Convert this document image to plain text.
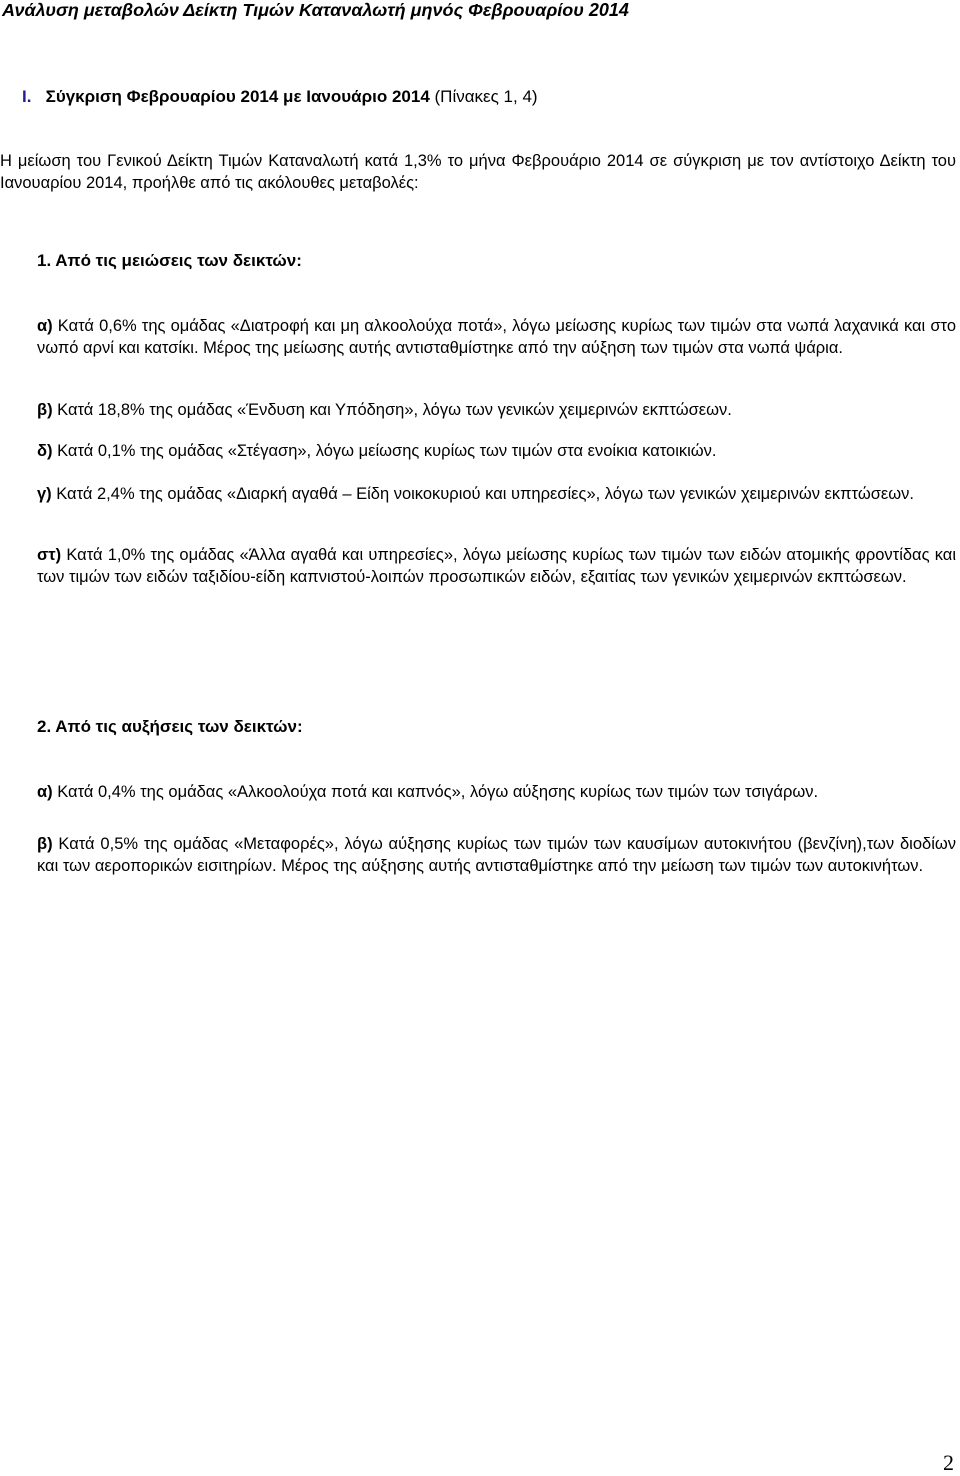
Ανάλυση μεταβολών Δείκτη Τιμών Καταναλωτή μηνός Φεβρουαρίου 2014
Ι. Σύγκριση Φεβρουαρίου 2014 με Ιανουάριο 2014 (Πίνακες 1, 4)
Η μείωση του Γενικού Δείκτη Τιμών Καταναλωτή κατά 1,3% το μήνα Φεβρουάριο 2014 σε σύγκριση με τον αντίστοιχο Δείκτη του Ιανουαρίου 2014, προήλθε από τις ακόλουθες μεταβολές:
1. Από τις μειώσεις των δεικτών:
α) Κατά 0,6% της ομάδας «Διατροφή και μη αλκοολούχα ποτά», λόγω μείωσης κυρίως των τιμών στα νωπά λαχανικά και στο νωπό αρνί και κατσίκι. Μέρος της μείωσης αυτής αντισταθμίστηκε από την αύξηση των τιμών στα νωπά ψάρια.
β) Κατά 18,8% της ομάδας «Ένδυση και Υπόδηση», λόγω των γενικών χειμερινών εκπτώσεων.
δ) Κατά 0,1% της ομάδας «Στέγαση», λόγω μείωσης κυρίως των τιμών στα ενοίκια κατοικιών.
γ) Κατά 2,4% της ομάδας «Διαρκή αγαθά – Είδη νοικοκυριού και υπηρεσίες», λόγω των γενικών χειμερινών εκπτώσεων.
στ) Κατά 1,0% της ομάδας «Άλλα αγαθά και υπηρεσίες», λόγω μείωσης κυρίως των τιμών των ειδών ατομικής φροντίδας και των τιμών των ειδών ταξιδίου-είδη καπνιστού-λοιπών προσωπικών ειδών, εξαιτίας των γενικών χειμερινών εκπτώσεων.
2. Από τις αυξήσεις των δεικτών:
α) Κατά 0,4% της ομάδας «Αλκοολούχα ποτά και καπνός», λόγω αύξησης κυρίως των τιμών των τσιγάρων.
β) Κατά 0,5% της ομάδας «Μεταφορές», λόγω αύξησης κυρίως των τιμών των καυσίμων αυτοκινήτου (βενζίνη),των διοδίων και των αεροπορικών εισιτηρίων. Μέρος της αύξησης αυτής αντισταθμίστηκε από την μείωση των τιμών των αυτοκινήτων.
2
